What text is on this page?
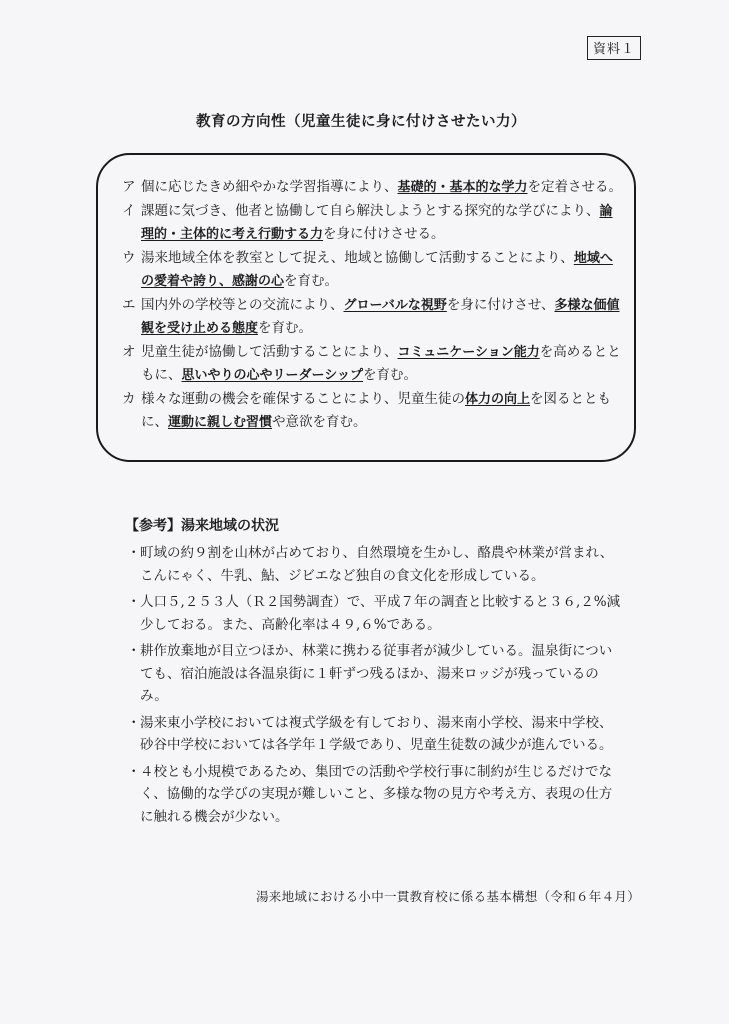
資料１
教育の方向性（児童生徒に身に付けさせたい力）
ア 個に応じたきめ細やかな学習指導により、基礎的・基本的な学力を定着させる。
イ 課題に気づき、他者と協働して自ら解決しようとする探究的な学びにより、論理的・主体的に考え行動する力を身に付けさせる。
ウ 湯来地域全体を教室として捉え、地域と協働して活動することにより、地域への愛着や誇り、感謝の心を育む。
エ 国内外の学校等との交流により、グローバルな視野を身に付けさせ、多様な価値観を受け止める態度を育む。
オ 児童生徒が協働して活動することにより、コミュニケーション能力を高めるとともに、思いやりの心やリーダーシップを育む。
カ 様々な運動の機会を確保することにより、児童生徒の体力の向上を図るとともに、運動に親しむ習慣や意欲を育む。
【参考】湯来地域の状況
・ 町域の約９割を山林が占めており、自然環境を生かし、酪農や林業が営まれ、こんにゃく、牛乳、鮎、ジビエなど独自の食文化を形成している。
・ 人口５,２５３人（Ｒ２国勢調査）で、平成７年の調査と比較すると３６,２%減少しておる。また、高齢化率は４９,６%である。
・ 耕作放棄地が目立つほか、林業に携わる従事者が減少している。温泉街についても、宿泊施設は各温泉街に１軒ずつ残るほか、湯来ロッジが残っているのみ。
・ 湯来東小学校においては複式学級を有しており、湯来南小学校、湯来中学校、砂谷中学校においては各学年１学級であり、児童生徒数の減少が進んでいる。
・ ４校とも小規模であるため、集団での活動や学校行事に制約が生じるだけでなく、協働的な学びの実現が難しいこと、多様な物の見方や考え方、表現の仕方に触れる機会が少ない。
湯来地域における小中一貫教育校に係る基本構想（令和６年４月）
